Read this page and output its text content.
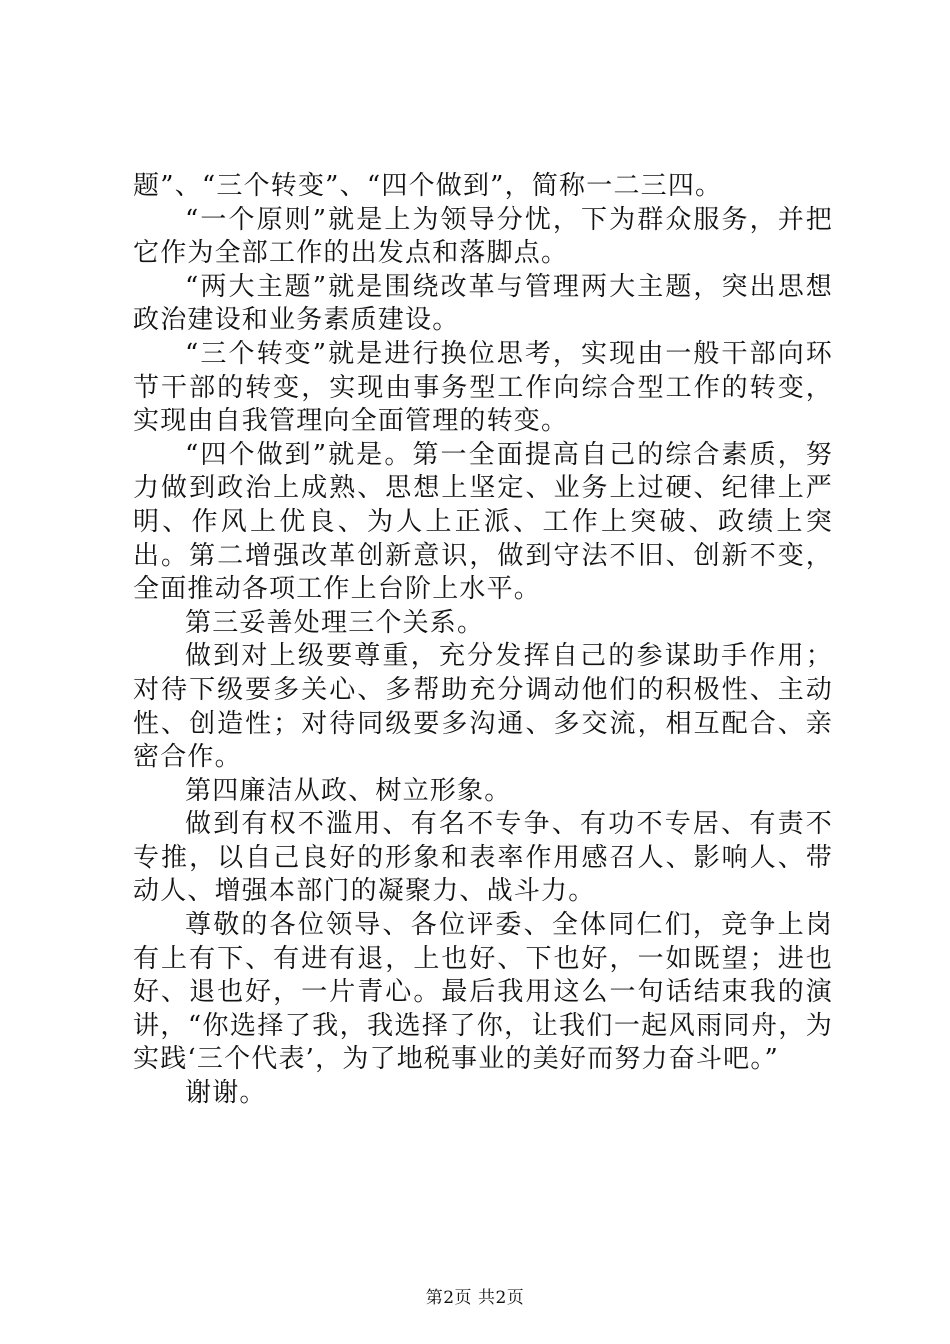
题”、“三个转变”、“四个做到”，简称一二三四。

“一个原则”就是上为领导分忧，下为群众服务，并把它作为全部工作的出发点和落脚点。

“两大主题”就是围绕改革与管理两大主题，突出思想政治建设和业务素质建设。

“三个转变”就是进行换位思考，实现由一般干部向环节干部的转变，实现由事务型工作向综合型工作的转变，实现由自我管理向全面管理的转变。

“四个做到”就是。第一全面提高自己的综合素质，努力做到政治上成熟、思想上坚定、业务上过硬、纪律上严明、作风上优良、为人上正派、工作上突破、政绩上突出。第二增强改革创新意识，做到守法不旧、创新不变，全面推动各项工作上台阶上水平。

第三妥善处理三个关系。

做到对上级要尊重，充分发挥自己的参谋助手作用；对待下级要多关心、多帮助充分调动他们的积极性、主动性、创造性；对待同级要多沟通、多交流，相互配合、亲密合作。

第四廉洁从政、树立形象。

做到有权不滥用、有名不专争、有功不专居、有责不专推，以自己良好的形象和表率作用感召人、影响人、带动人、增强本部门的凝聚力、战斗力。

尊敬的各位领导、各位评委、全体同仁们，竞争上岗有上有下、有进有退，上也好、下也好，一如既望；进也好、退也好，一片青心。最后我用这么一句话结束我的演讲，“你选择了我，我选择了你，让我们一起风雨同舟，为实践‘三个代表’，为了地税事业的美好而努力奋斗吧。”

谢谢。

第2页 共2页
